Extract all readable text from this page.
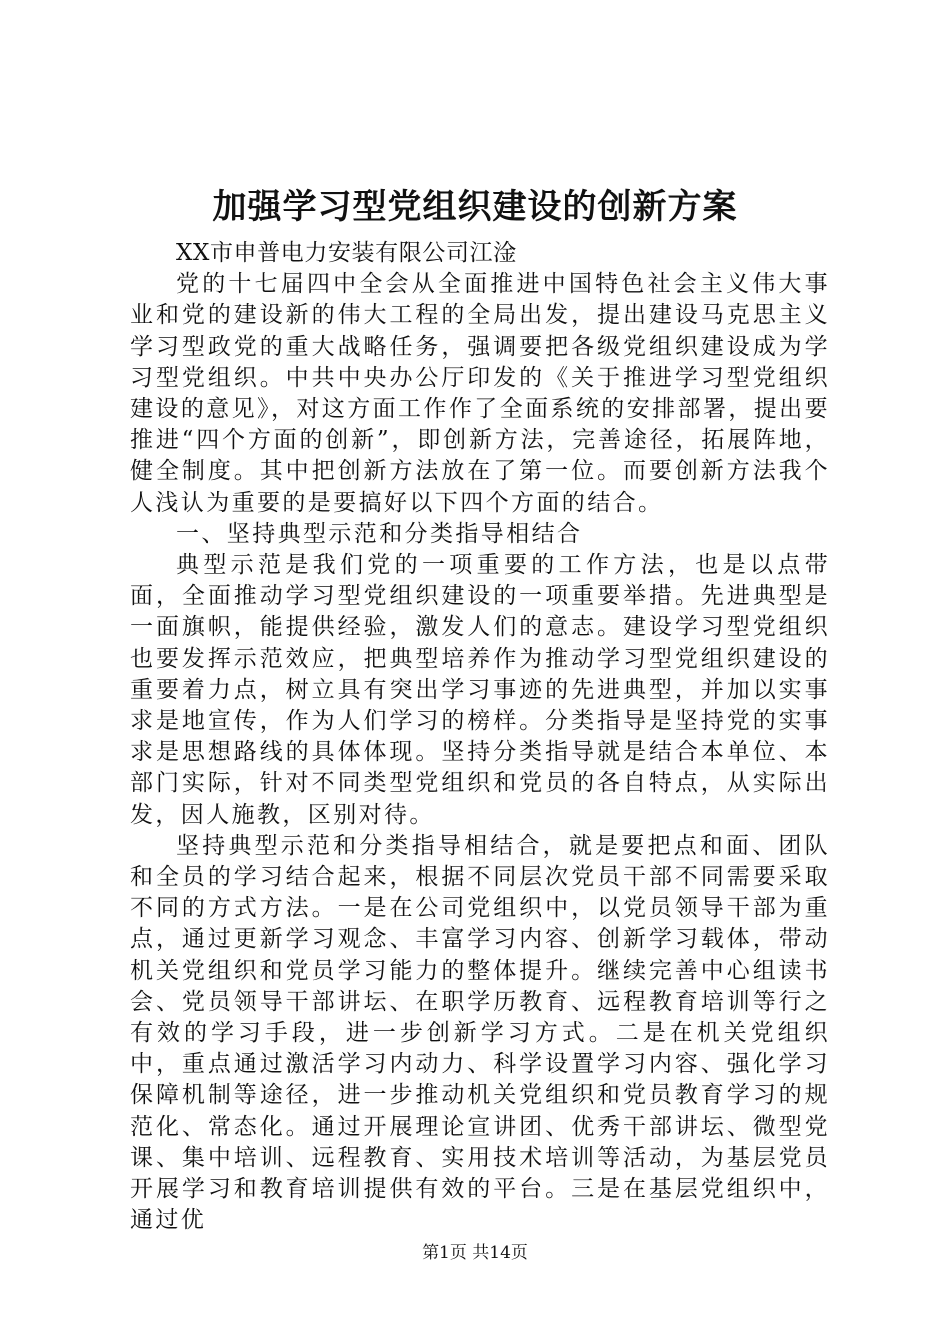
加强学习型党组织建设的创新方案

XX市申普电力安装有限公司江淦

党的十七届四中全会从全面推进中国特色社会主义伟大事业和党的建设新的伟大工程的全局出发，提出建设马克思主义学习型政党的重大战略任务，强调要把各级党组织建设成为学习型党组织。中共中央办公厅印发的《关于推进学习型党组织建设的意见》，对这方面工作作了全面系统的安排部署，提出要推进“四个方面的创新”，即创新方法，完善途径，拓展阵地，健全制度。其中把创新方法放在了第一位。而要创新方法我个人浅认为重要的是要搞好以下四个方面的结合。

一、坚持典型示范和分类指导相结合

典型示范是我们党的一项重要的工作方法，也是以点带面，全面推动学习型党组织建设的一项重要举措。先进典型是一面旗帜，能提供经验，激发人们的意志。建设学习型党组织也要发挥示范效应，把典型培养作为推动学习型党组织建设的重要着力点，树立具有突出学习事迹的先进典型，并加以实事求是地宣传，作为人们学习的榜样。分类指导是坚持党的实事求是思想路线的具体体现。坚持分类指导就是结合本单位、本部门实际，针对不同类型党组织和党员的各自特点，从实际出发，因人施教，区别对待。

坚持典型示范和分类指导相结合，就是要把点和面、团队和全员的学习结合起来，根据不同层次党员干部不同需要采取不同的方式方法。一是在公司党组织中，以党员领导干部为重点，通过更新学习观念、丰富学习内容、创新学习载体，带动机关党组织和党员学习能力的整体提升。继续完善中心组读书会、党员领导干部讲坛、在职学历教育、远程教育培训等行之有效的学习手段，进一步创新学习方式。二是在机关党组织中，重点通过激活学习内动力、科学设置学习内容、强化学习保障机制等途径，进一步推动机关党组织和党员教育学习的规范化、常态化。通过开展理论宣讲团、优秀干部讲坛、微型党课、集中培训、远程教育、实用技术培训等活动，为基层党员开展学习和教育培训提供有效的平台。三是在基层党组织中，通过优

第1页 共14页
